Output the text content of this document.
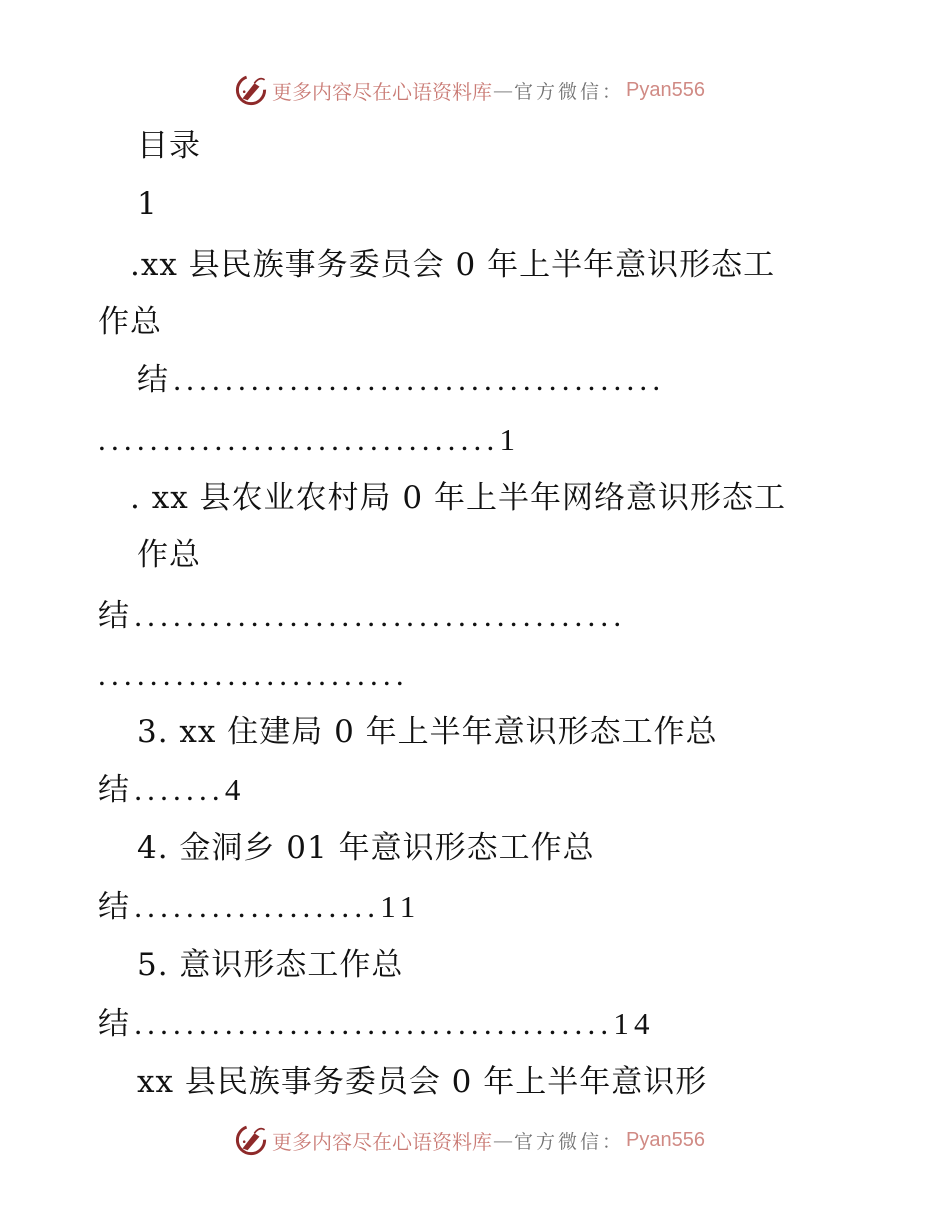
更多内容尽在心语资料库 — 官方微信： Pyan556
目录
1
.xx 县民族事务委员会 0 年上半年意识形态工
作总
结......................................
...............................1
. xx 县农业农村局 0 年上半年网络意识形态工
作总
结......................................
........................
3. xx 住建局 0 年上半年意识形态工作总
结.......4
4. 金洞乡 01 年意识形态工作总
结...................11
5. 意识形态工作总
结.....................................14
xx 县民族事务委员会 0 年上半年意识形
更多内容尽在心语资料库 — 官方微信： Pyan556
